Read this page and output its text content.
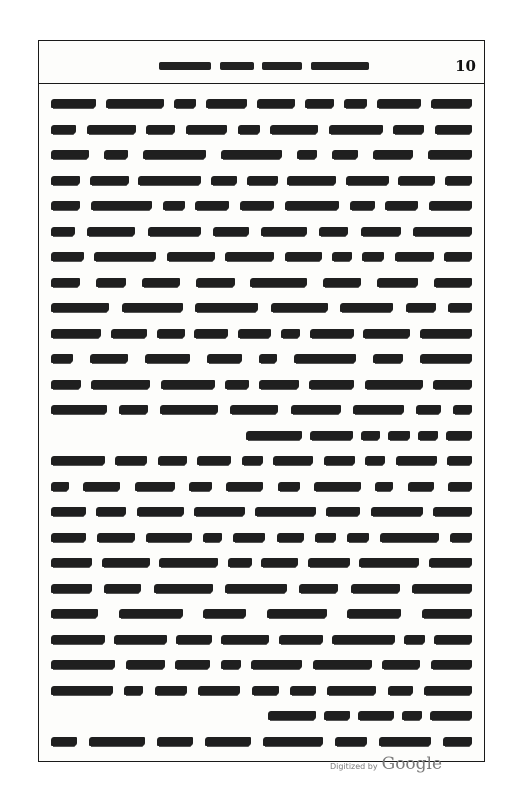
10
Digitized by Google
